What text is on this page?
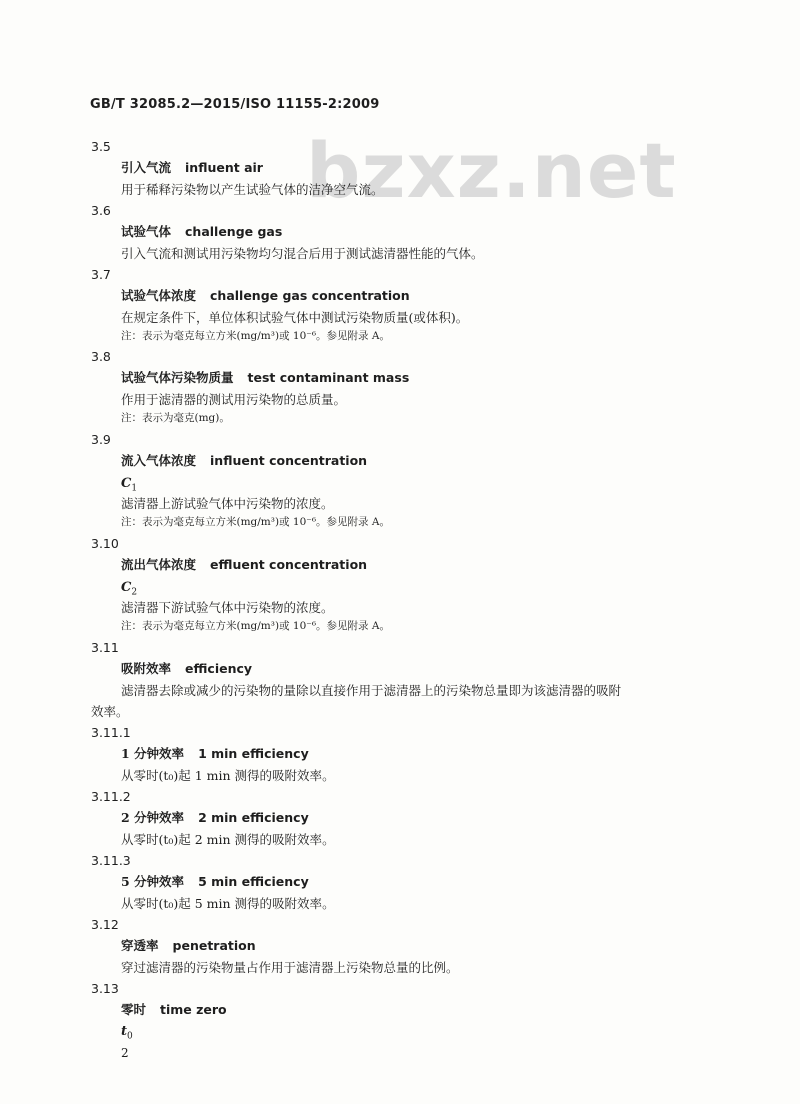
GB/T 32085.2—2015/ISO 11155-2:2009
bzxz.net
3.5
引入气流 influent air
用于稀释污染物以产生试验气体的洁净空气流。
3.6
试验气体 challenge gas
引入气流和测试用污染物均匀混合后用于测试滤清器性能的气体。
3.7
试验气体浓度 challenge gas concentration
在规定条件下，单位体积试验气体中测试污染物质量(或体积)。
注：表示为毫克每立方米(mg/m³)或 10⁻⁶。参见附录 A。
3.8
试验气体污染物质量 test contaminant mass
作用于滤清器的测试用污染物的总质量。
注：表示为毫克(mg)。
3.9
流入气体浓度 influent concentration
$C_1$
滤清器上游试验气体中污染物的浓度。
注：表示为毫克每立方米(mg/m³)或 10⁻⁶。参见附录 A。
3.10
流出气体浓度 effluent concentration
$C_2$
滤清器下游试验气体中污染物的浓度。
注：表示为毫克每立方米(mg/m³)或 10⁻⁶。参见附录 A。
3.11
吸附效率 efficiency
滤清器去除或减少的污染物的量除以直接作用于滤清器上的污染物总量即为该滤清器的吸附
效率。
3.11.1
1 分钟效率 1 min efficiency
从零时(t₀)起 1 min 测得的吸附效率。
3.11.2
2 分钟效率 2 min efficiency
从零时(t₀)起 2 min 测得的吸附效率。
3.11.3
5 分钟效率 5 min efficiency
从零时(t₀)起 5 min 测得的吸附效率。
3.12
穿透率 penetration
穿过滤清器的污染物量占作用于滤清器上污染物总量的比例。
3.13
零时 time zero
$t_0$
2
